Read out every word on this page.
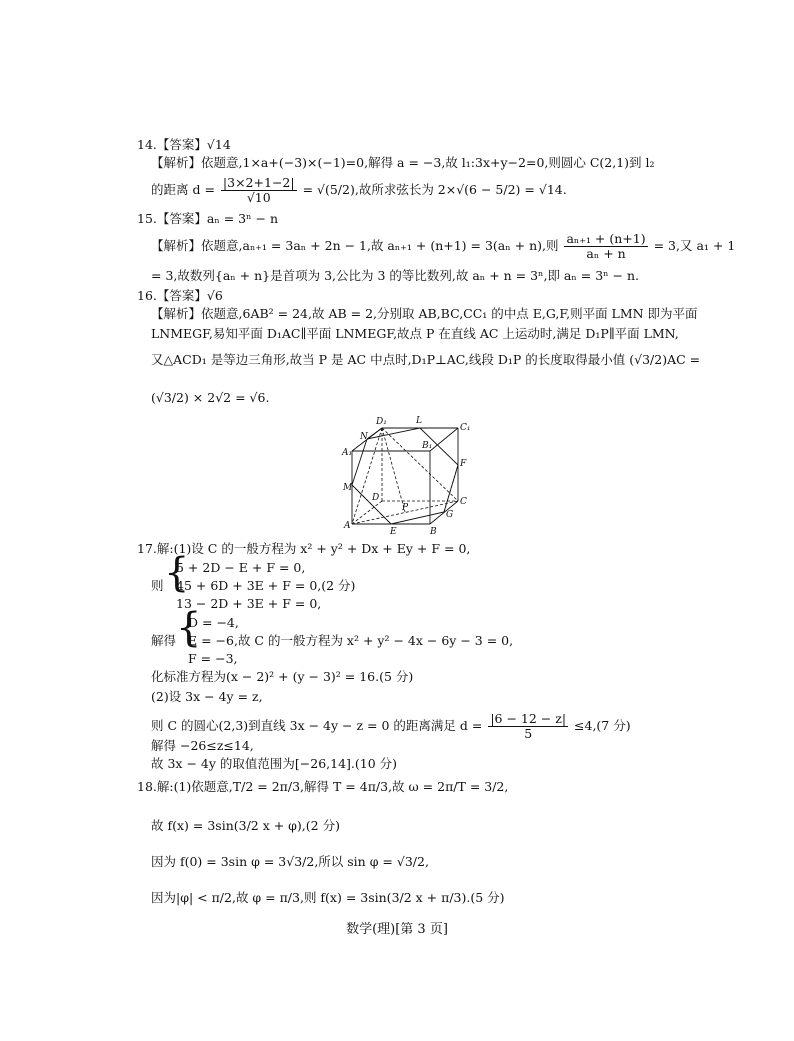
14.【答案】√14
【解析】依题意,1×a+(−3)×(−1)=0,解得 a = −3,故 l₁:3x+y−2=0,则圆心 C(2,1)到 l₂
的距离 $d = \frac{|3\times 2+1-2|}{√10} = √(5/2)$,故所求弦长为 2×√(6 − 5/2) = √14.
15.【答案】aₙ = 3ⁿ − n
【解析】依题意,aₙ₊₁ = 3aₙ + 2n − 1,故 aₙ₊₁ + (n+1) = 3(aₙ + n),则 $\frac{\text{aₙ₊₁ + (n+1)}}{\text{aₙ + n}} = 3$,又 a₁ + 1
= 3,故数列{aₙ + n}是首项为 3,公比为 3 的等比数列,故 aₙ + n = 3ⁿ,即 aₙ = 3ⁿ − n.
16.【答案】√6
【解析】依题意,6AB² = 24,故 AB = 2,分别取 AB,BC,CC₁ 的中点 E,G,F,则平面 LMN 即为平面
LNMEGF,易知平面 D₁AC∥平面 LNMEGF,故点 P 在直线 AC 上运动时,满足 D₁P∥平面 LMN,
又△ACD₁ 是等边三角形,故当 P 是 AC 中点时,D₁P⊥AC,线段 D₁P 的长度取得最小值 (√3/2)AC =
(√3/2) × 2√2 = √6.
D₁	L
C₁
N
B₁
A₁
F
M
D	C
P
G
A
E	B
17.解:(1)设 C 的一般方程为 x² + y² + Dx + Ey + F = 0,
则 {
5 + 2D − E + F = 0,
45 + 6D + 3E + F = 0,(2 分)
13 − 2D + 3E + F = 0,
解得 {
D = −4,
E = −6,故 C 的一般方程为 x² + y² − 4x − 6y − 3 = 0,
F = −3,
化标准方程为(x − 2)² + (y − 3)² = 16.(5 分)
(2)设 3x − 4y = z,
则 C 的圆心(2,3)到直线 3x − 4y − z = 0 的距离满足 $d = \frac{|6 - 12 - z|}{5} \le 4,(7$ 分)
解得 −26≤z≤14,
故 3x − 4y 的取值范围为[−26,14].(10 分)
18.解:(1)依题意,T/2 = 2π/3,解得 T = 4π/3,故 ω = 2π/T = 3/2,
故 f(x) = 3sin(3/2 x + φ),(2 分)
因为 f(0) = 3sin φ = 3√3/2,所以 sin φ = √3/2,
因为|φ| < π/2,故 φ = π/3,则 f(x) = 3sin(3/2 x + π/3).(5 分)
数学(理)[第 3 页]
